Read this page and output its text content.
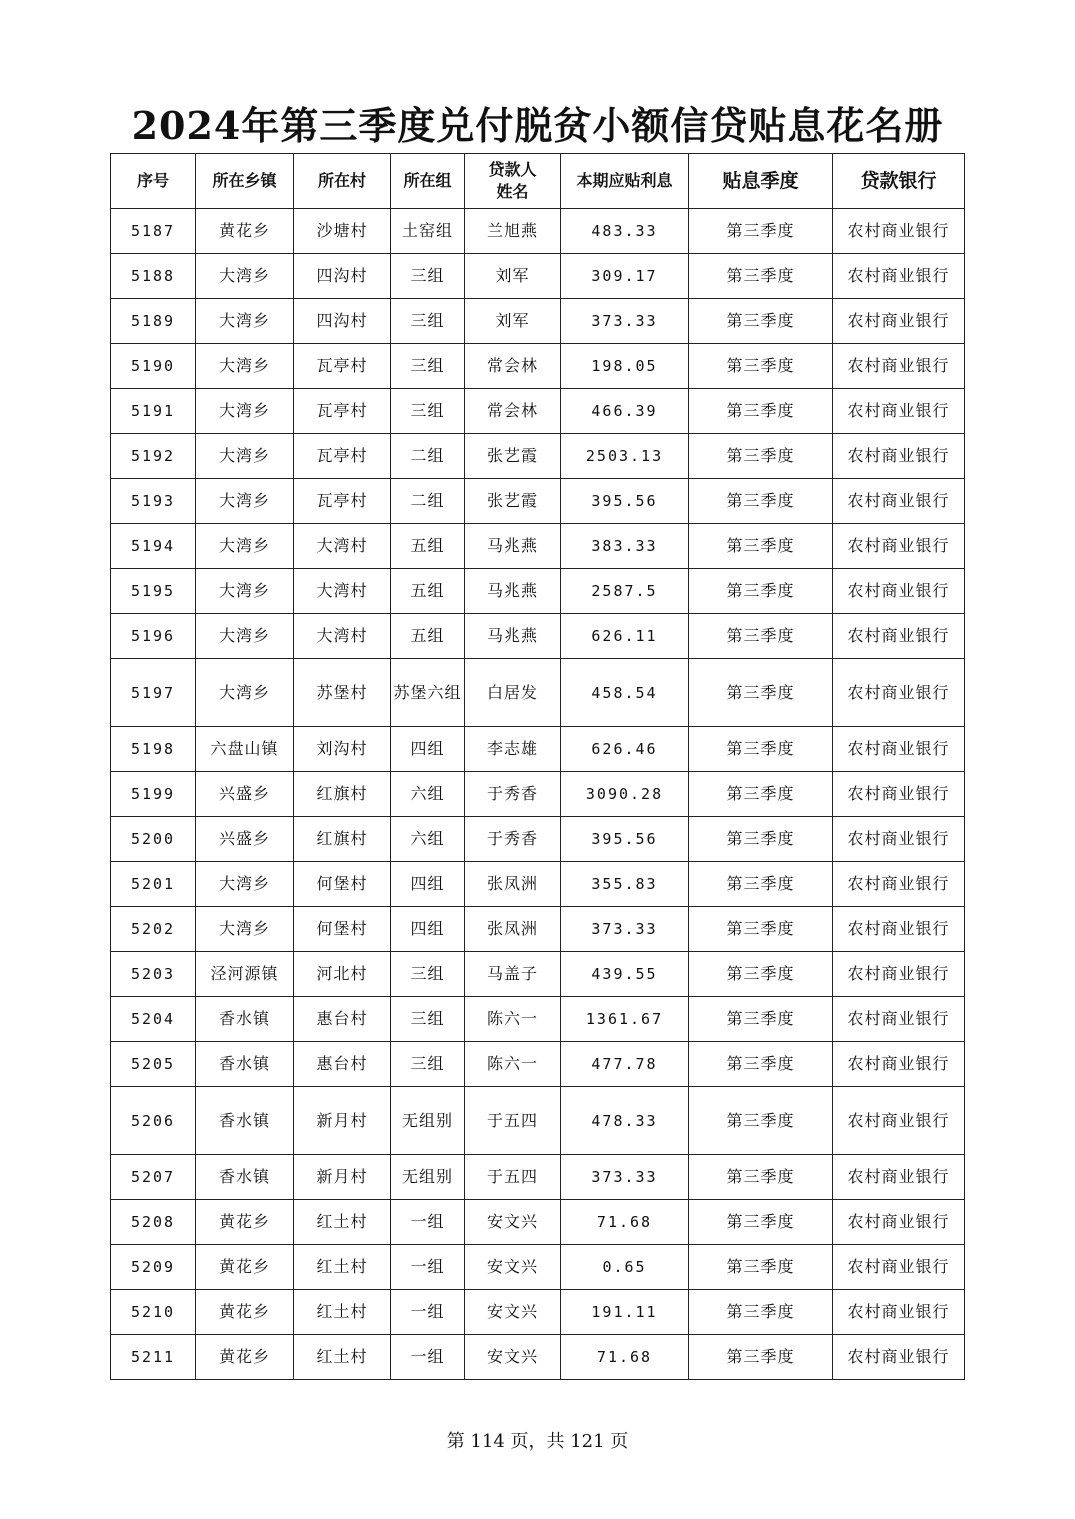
2024年第三季度兑付脱贫小额信贷贴息花名册
序号	所在乡镇	所在村	所在组	贷款人姓名	本期应贴利息	贴息季度	贷款银行
5187	黄花乡	沙塘村	土窑组	兰旭燕	483.33	第三季度	农村商业银行
5188	大湾乡	四沟村	三组	刘军	309.17	第三季度	农村商业银行
5189	大湾乡	四沟村	三组	刘军	373.33	第三季度	农村商业银行
5190	大湾乡	瓦亭村	三组	常会林	198.05	第三季度	农村商业银行
5191	大湾乡	瓦亭村	三组	常会林	466.39	第三季度	农村商业银行
5192	大湾乡	瓦亭村	二组	张艺霞	2503.13	第三季度	农村商业银行
5193	大湾乡	瓦亭村	二组	张艺霞	395.56	第三季度	农村商业银行
5194	大湾乡	大湾村	五组	马兆燕	383.33	第三季度	农村商业银行
5195	大湾乡	大湾村	五组	马兆燕	2587.5	第三季度	农村商业银行
5196	大湾乡	大湾村	五组	马兆燕	626.11	第三季度	农村商业银行
5197	大湾乡	苏堡村	苏堡六组	白居发	458.54	第三季度	农村商业银行
5198	六盘山镇	刘沟村	四组	李志雄	626.46	第三季度	农村商业银行
5199	兴盛乡	红旗村	六组	于秀香	3090.28	第三季度	农村商业银行
5200	兴盛乡	红旗村	六组	于秀香	395.56	第三季度	农村商业银行
5201	大湾乡	何堡村	四组	张凤洲	355.83	第三季度	农村商业银行
5202	大湾乡	何堡村	四组	张凤洲	373.33	第三季度	农村商业银行
5203	泾河源镇	河北村	三组	马盖子	439.55	第三季度	农村商业银行
5204	香水镇	惠台村	三组	陈六一	1361.67	第三季度	农村商业银行
5205	香水镇	惠台村	三组	陈六一	477.78	第三季度	农村商业银行
5206	香水镇	新月村	无组别	于五四	478.33	第三季度	农村商业银行
5207	香水镇	新月村	无组别	于五四	373.33	第三季度	农村商业银行
5208	黄花乡	红土村	一组	安文兴	71.68	第三季度	农村商业银行
5209	黄花乡	红土村	一组	安文兴	0.65	第三季度	农村商业银行
5210	黄花乡	红土村	一组	安文兴	191.11	第三季度	农村商业银行
5211	黄花乡	红土村	一组	安文兴	71.68	第三季度	农村商业银行
第 114 页，共 121 页
